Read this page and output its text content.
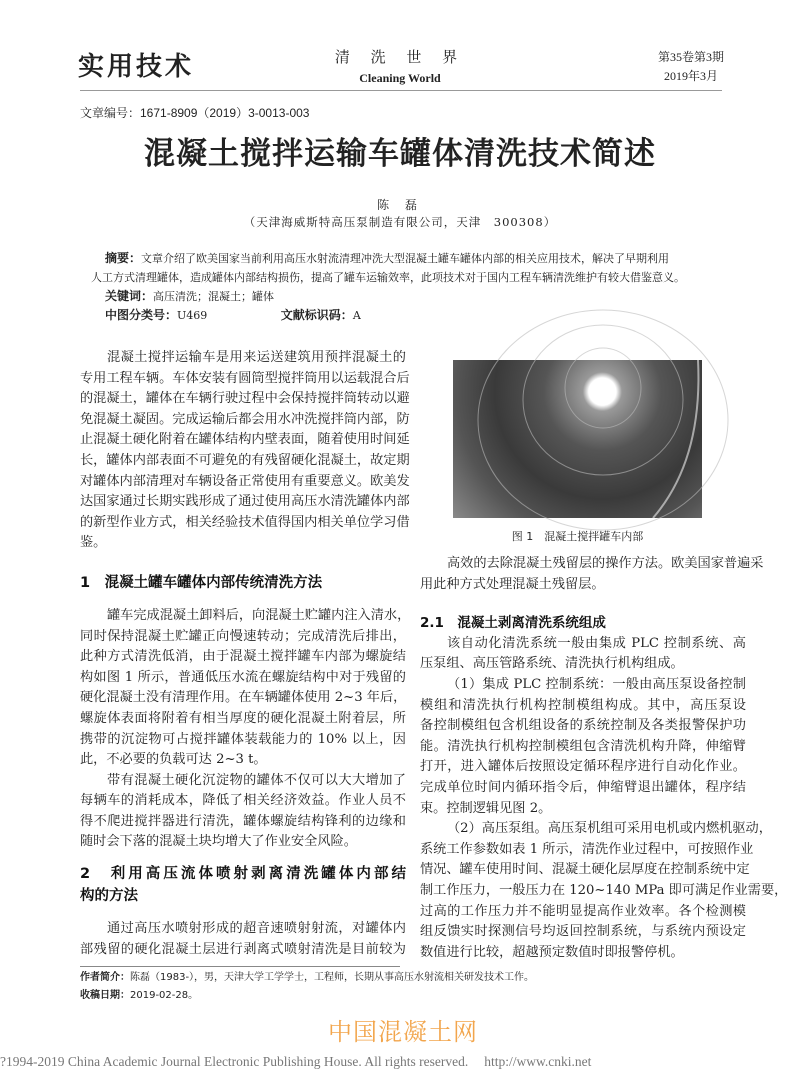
实用技术	清 洗 世 界
Cleaning World
第35卷第3期
2019年3月
文章编号：1671-8909（2019）3-0013-003
混凝土搅拌运输车罐体清洗技术简述
陈 磊
（天津海威斯特高压泵制造有限公司，天津　300308）
摘要：文章介绍了欧美国家当前利用高压水射流清理冲洗大型混凝土罐车罐体内部的相关应用技术，解决了早期利用
人工方式清理罐体，造成罐体内部结构损伤，提高了罐车运输效率，此项技术对于国内工程车辆清洗维护有较大借鉴意义。
关键词：高压清洗；混凝土；罐体
中图分类号：U469	文献标识码：A
混凝土搅拌运输车是用来运送建筑用预拌混凝土的
专用工程车辆。车体安装有圆筒型搅拌筒用以运载混合后
的混凝土，罐体在车辆行驶过程中会保持搅拌筒转动以避
免混凝土凝固。完成运输后都会用水冲洗搅拌筒内部，防
止混凝土硬化附着在罐体结构内壁表面，随着使用时间延
长，罐体内部表面不可避免的有残留硬化混凝土，故定期
对罐体内部清理对车辆设备正常使用有重要意义。欧美发
达国家通过长期实践形成了通过使用高压水清洗罐体内部
的新型作业方式，相关经验技术值得国内相关单位学习借
鉴。
1　混凝土罐车罐体内部传统清洗方法
罐车完成混凝土卸料后，向混凝土贮罐内注入清水，
同时保持混凝土贮罐正向慢速转动；完成清洗后排出，
此种方式清洗低消，由于混凝土搅拌罐车内部为螺旋结
构如图 1 所示，普通低压水流在螺旋结构中对于残留的
硬化混凝土没有清理作用。在车辆罐体使用 2~3 年后，
螺旋体表面将附着有相当厚度的硬化混凝土附着层，所
携带的沉淀物可占搅拌罐体装载能力的 10% 以上，因
此，不必要的负载可达 2~3 t。
带有混凝土硬化沉淀物的罐体不仅可以大大增加了
每辆车的消耗成本，降低了相关经济效益。作业人员不
得不爬进搅拌器进行清洗，罐体螺旋结构锋利的边缘和
随时会下落的混凝土块均增大了作业安全风险。
2　利用高压流体喷射剥离清洗罐体内部结
构的方法
通过高压水喷射形成的超音速喷射射流，对罐体内
部残留的硬化混凝土层进行剥离式喷射清洗是目前较为
图 1　混凝土搅拌罐车内部
高效的去除混凝土残留层的操作方法。欧美国家普遍采
用此种方式处理混凝土残留层。
2.1　混凝土剥离清洗系统组成
该自动化清洗系统一般由集成 PLC 控制系统、高
压泵组、高压管路系统、清洗执行机构组成。
（1）集成 PLC 控制系统：一般由高压泵设备控制
模组和清洗执行机构控制模组构成。其中，高压泵设
备控制模组包含机组设备的系统控制及各类报警保护功
能。清洗执行机构控制模组包含清洗机构升降，伸缩臂
打开，进入罐体后按照设定循环程序进行自动化作业。
完成单位时间内循环指令后，伸缩臂退出罐体，程序结
束。控制逻辑见图 2。
（2）高压泵组。高压泵机组可采用电机或内燃机驱动，
系统工作参数如表 1 所示，清洗作业过程中，可按照作业
情况、罐车使用时间、混凝土硬化层厚度在控制系统中定
制工作压力，一般压力在 120~140 MPa 即可满足作业需要，
过高的工作压力并不能明显提高作业效率。各个检测模
组反馈实时探测信号均返回控制系统，与系统内预设定
数值进行比较，超越预定数值时即报警停机。
作者简介：陈磊（1983-），男，天津大学工学学士，工程师，长期从事高压水射流相关研发技术工作。
收稿日期：2019-02-28。
中国混凝土网
?1994-2019 China Academic Journal Electronic Publishing House. All rights reserved. http://www.cnki.net
